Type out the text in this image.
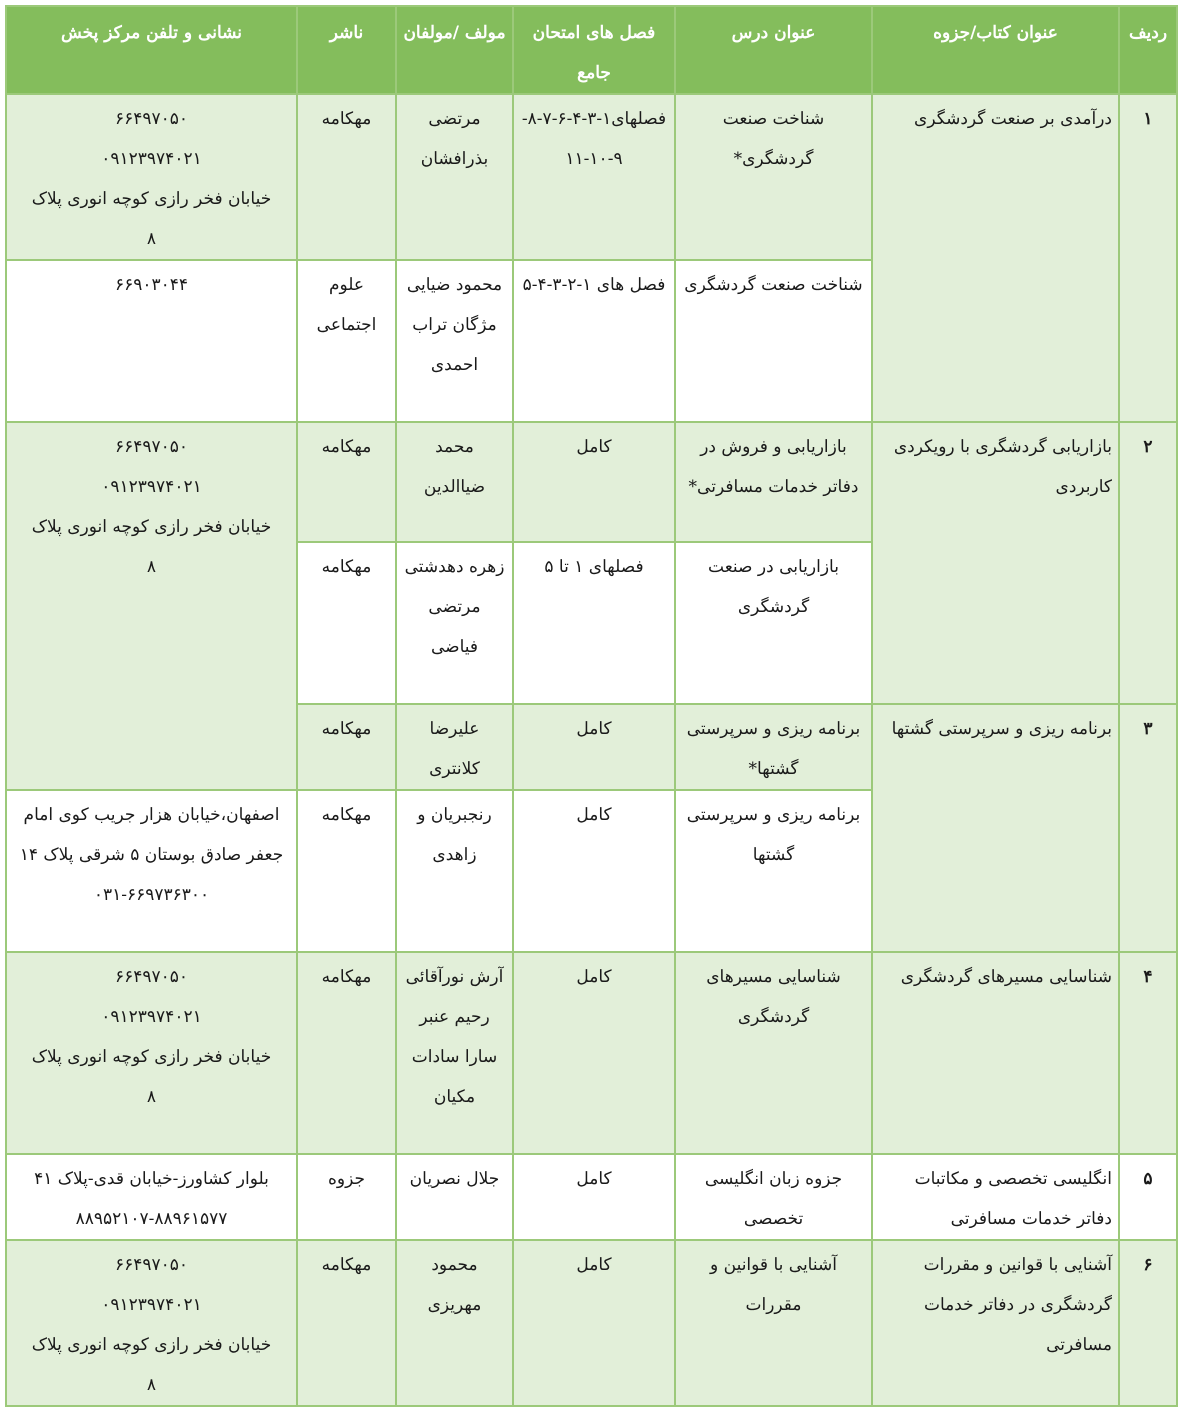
ردیف	عنوان کتاب/جزوه	عنوان درس	فصل های امتحان جامع	مولف /مولفان	ناشر	نشانی و تلفن مرکز پخش
۱	درآمدی بر صنعت گردشگری	شناخت صنعت گردشگری*	فصلهای۱-۳-۴-۶-۷-۸-۹-۱۰-۱۱	مرتضی بذرافشان	مهکامه	۶۶۴۹۷۰۵۰
۰۹۱۲۳۹۷۴۰۲۱
خیابان فخر رازی کوچه انوری پلاک
۸

		شناخت صنعت گردشگری	فصل های ۱-۲-۳-۴-۵	محمود ضیایی مژگان تراب احمدی	علوم اجتماعی	۶۶۹۰۳۰۴۴

۲	بازاریابی گردشگری با رویکردی کاربردی	بازاریابی و فروش در دفاتر خدمات مسافرتی*	کامل	محمد ضیاالدین	مهکامه	۶۶۴۹۷۰۵۰
۰۹۱۲۳۹۷۴۰۲۱
خیابان فخر رازی کوچه انوری پلاک
۸

		بازاریابی در صنعت گردشگری	فصلهای ۱ تا ۵	زهره دهدشتی مرتضی فیاضی	مهکامه	
۳	برنامه ریزی و سرپرستی گشتها	برنامه ریزی و سرپرستی گشتها*	کامل	علیرضا کلانتری	مهکامه	
		برنامه ریزی و سرپرستی گشتها	کامل	رنجبریان و زاهدی	مهکامه	اصفهان،خیابان هزار جریب کوی امام جعفر صادق بوستان ۵ شرقی پلاک ۱۴
۰۳۱-۶۶۹۷۳۶۳۰۰

۴	شناسایی مسیرهای گردشگری	شناسایی مسیرهای گردشگری	کامل	آرش نورآقائی رحیم عنبر سارا سادات مکیان	مهکامه	۶۶۴۹۷۰۵۰
۰۹۱۲۳۹۷۴۰۲۱
خیابان فخر رازی کوچه انوری پلاک
۸

۵	انگلیسی تخصصی و مکاتبات دفاتر خدمات مسافرتی	جزوه زبان انگلیسی تخصصی	کامل	جلال نصریان	جزوه	بلوار کشاورز-خیابان قدی-پلاک ۴۱
۸۸۹۵۲۱۰۷-۸۸۹۶۱۵۷۷

۶	آشنایی با قوانین و مقررات گردشگری در دفاتر خدمات مسافرتی	آشنایی با قوانین و مقررات	کامل	محمود مهریزی	مهکامه	۶۶۴۹۷۰۵۰
۰۹۱۲۳۹۷۴۰۲۱
خیابان فخر رازی کوچه انوری پلاک
۸
